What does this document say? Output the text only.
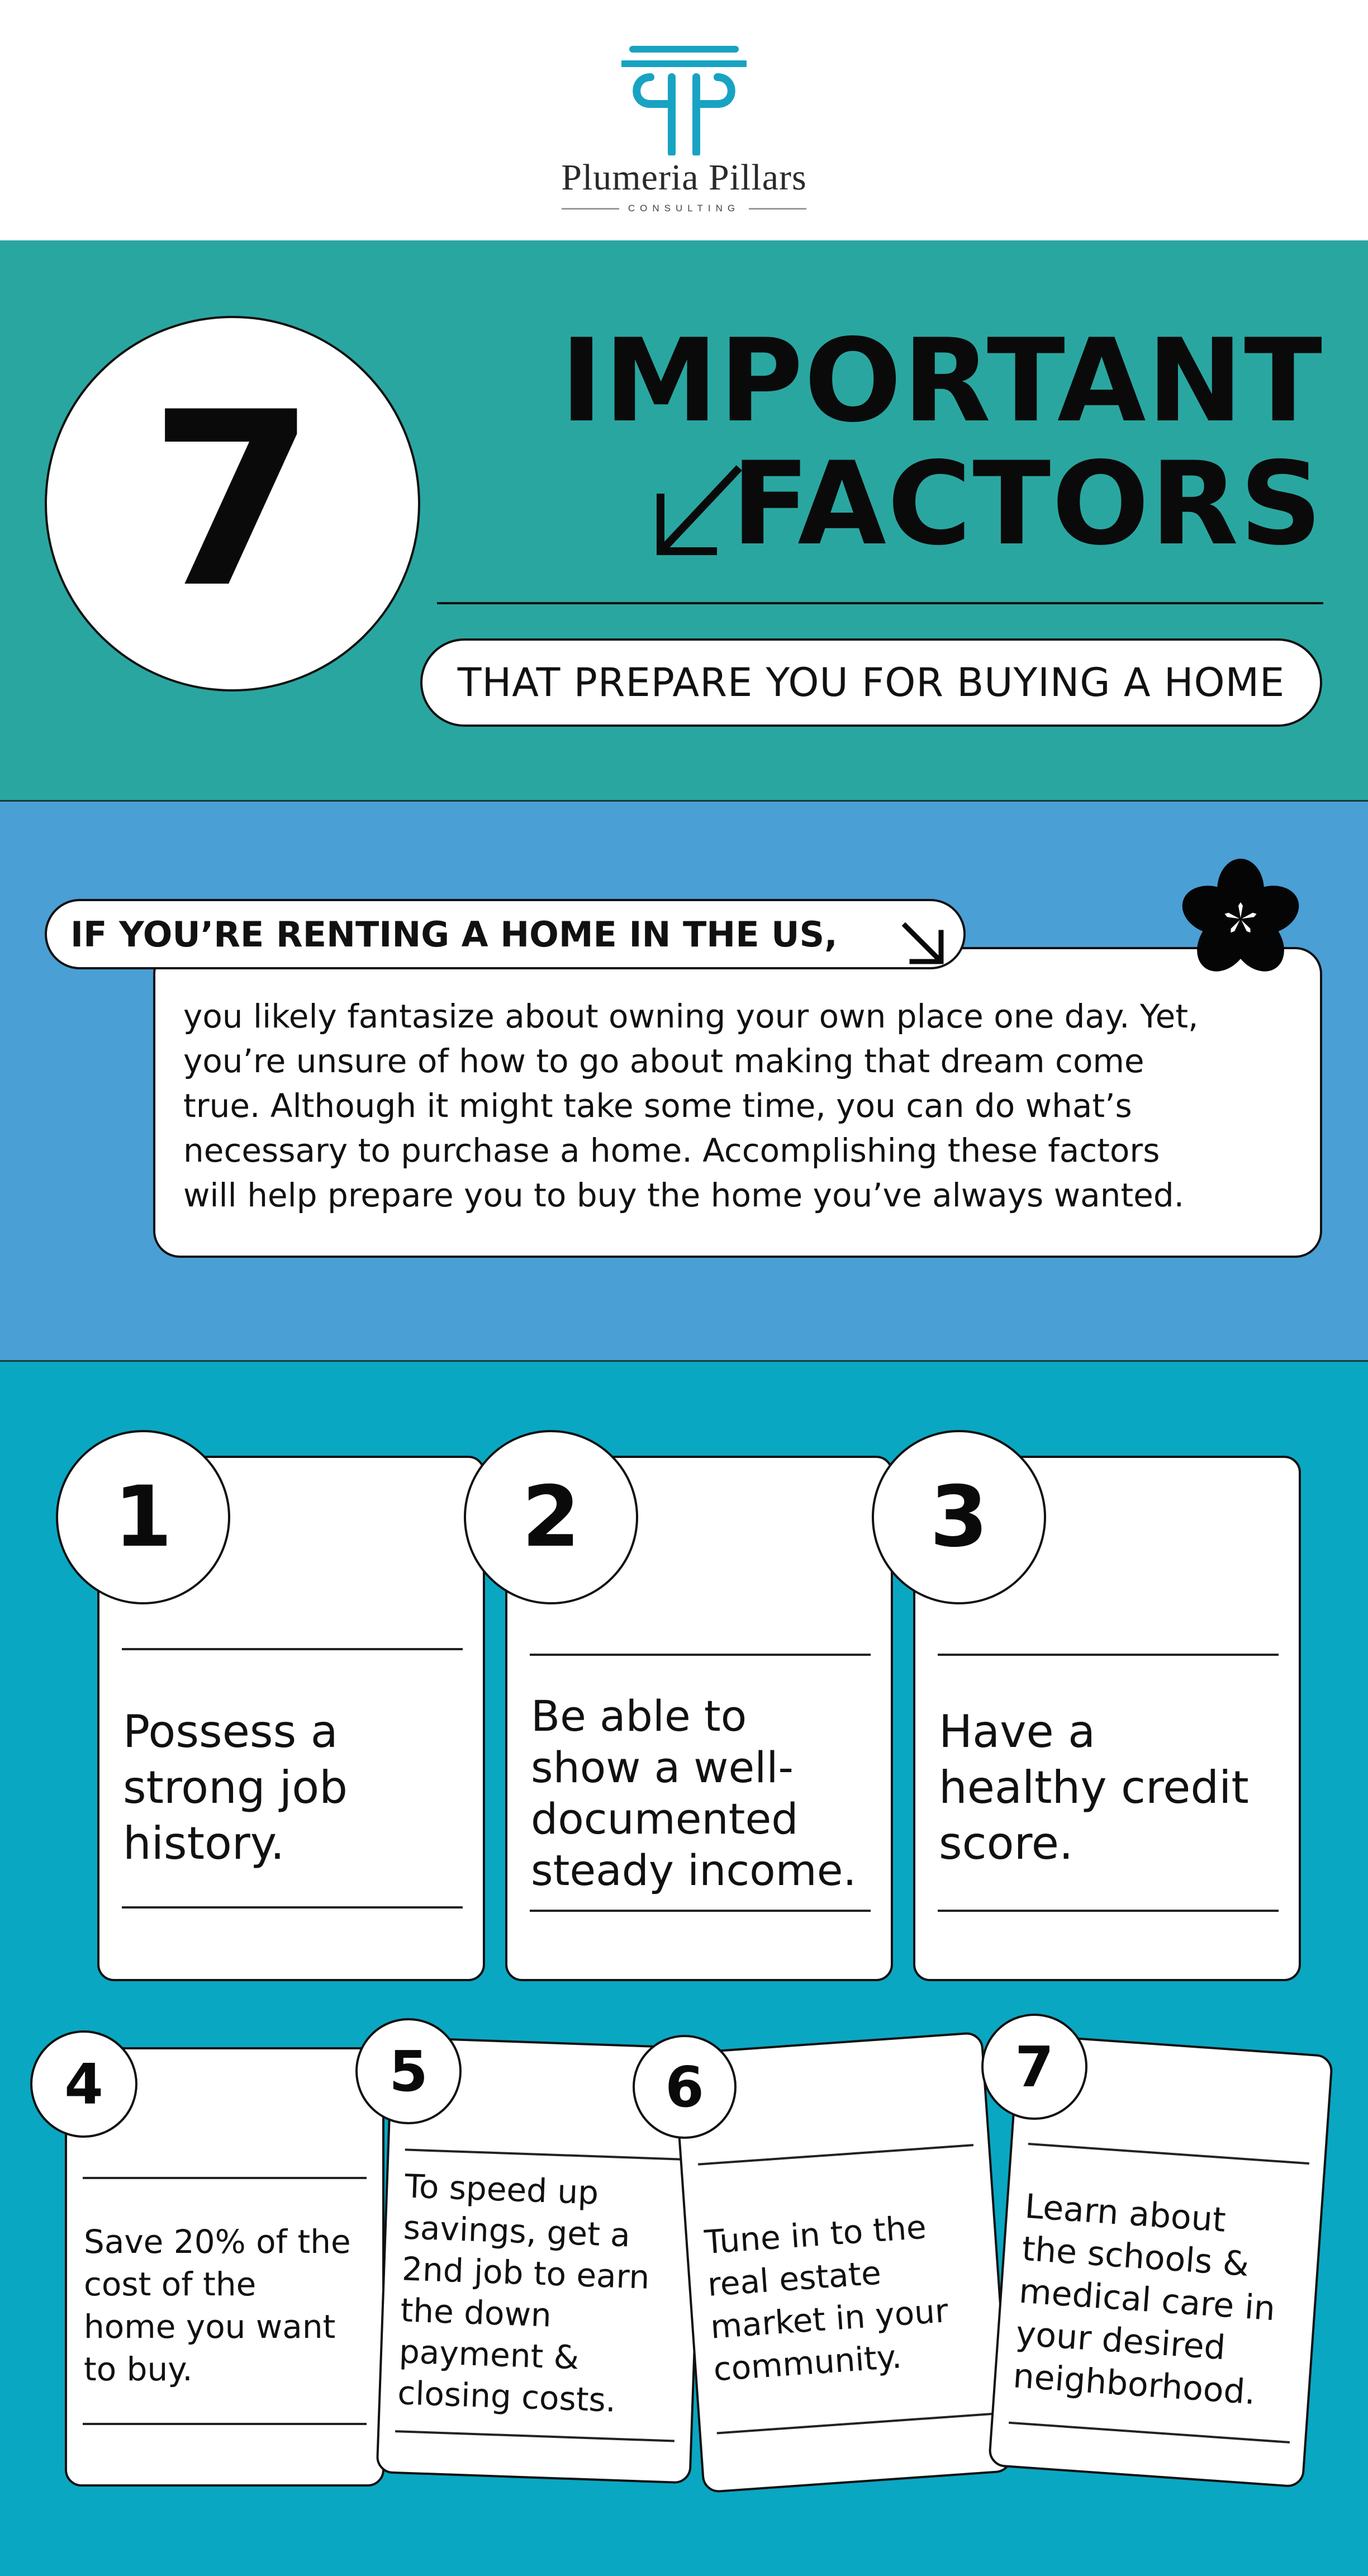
Plumeria Pillars
CONSULTING
7 IMPORTANT
FACTORS
THAT PREPARE YOU FOR BUYING A HOME
you likely fantasize about owning your own place one day. Yet,
you’re unsure of how to go about making that dream come
true. Although it might take some time, you can do what’s
necessary to purchase a home. Accomplishing these factors
will help prepare you to buy the home you’ve always wanted.
IF YOU’RE RENTING A HOME IN THE US,
Possess a
strong job
history.
1
Be able to
show a well-
documented
steady income.
2
Have a
healthy credit
score.
3
Save 20% of the
cost of the
home you want
to buy.
4
To speed up
savings, get a
2nd job to earn
the down
payment &
closing costs.
5
Tune in to the
real estate
market in your
community.
6
Learn about
the schools &
medical care in
your desired
neighborhood.
7
